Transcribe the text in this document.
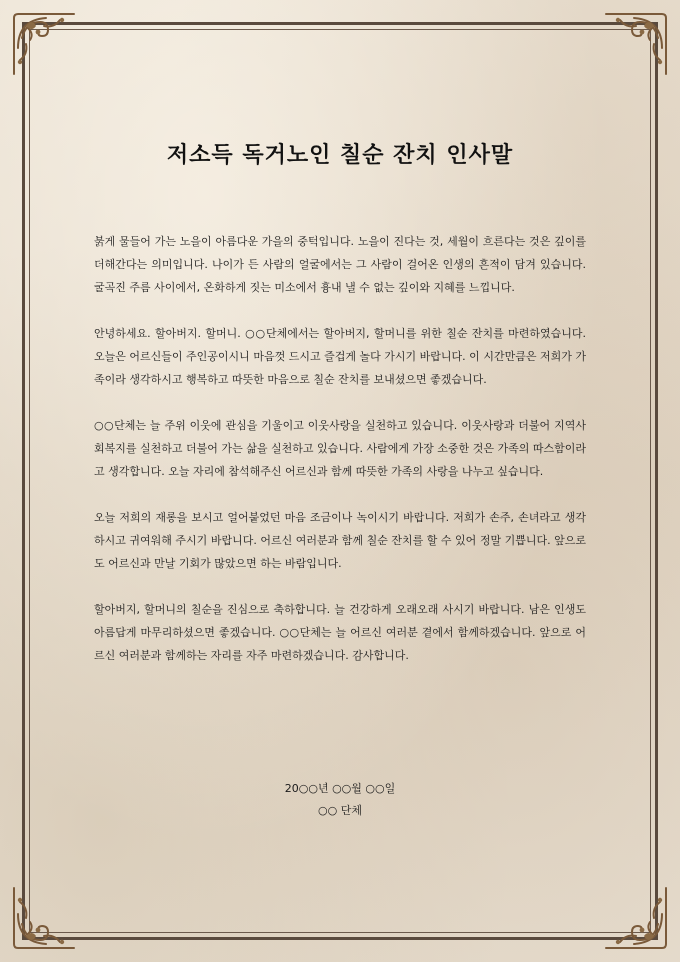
저소득 독거노인 칠순 잔치 인사말

붉게 물들어 가는 노을이 아름다운 가을의 중턱입니다. 노을이 진다는 것, 세월이 흐른다는 것은 깊이를 더해간다는 의미입니다. 나이가 든 사람의 얼굴에서는 그 사람이 걸어온 인생의 흔적이 담겨 있습니다. 굴곡진 주름 사이에서, 온화하게 짓는 미소에서 흉내 낼 수 없는 깊이와 지혜를 느낍니다.

안녕하세요. 할아버지. 할머니. ○○단체에서는 할아버지, 할머니를 위한 칠순 잔치를 마련하였습니다. 오늘은 어르신들이 주인공이시니 마음껏 드시고 즐겁게 놀다 가시기 바랍니다. 이 시간만큼은 저희가 가족이라 생각하시고 행복하고 따뜻한 마음으로 칠순 잔치를 보내셨으면 좋겠습니다.

○○단체는 늘 주위 이웃에 관심을 기울이고 이웃사랑을 실천하고 있습니다. 이웃사랑과 더불어 지역사회복지를 실천하고 더불어 가는 삶을 실천하고 있습니다. 사람에게 가장 소중한 것은 가족의 따스함이라고 생각합니다. 오늘 자리에 참석해주신 어르신과 함께 따뜻한 가족의 사랑을 나누고 싶습니다.

오늘 저희의 재롱을 보시고 얼어붙었던 마음 조금이나 녹이시기 바랍니다. 저희가 손주, 손녀라고 생각하시고 귀여워해 주시기 바랍니다. 어르신 여러분과 함께 칠순 잔치를 할 수 있어 정말 기쁩니다. 앞으로도 어르신과 만날 기회가 많았으면 하는 바람입니다.

할아버지, 할머니의 칠순을 진심으로 축하합니다. 늘 건강하게 오래오래 사시기 바랍니다. 남은 인생도 아름답게 마무리하셨으면 좋겠습니다. ○○단체는 늘 어르신 여러분 곁에서 함께하겠습니다. 앞으로 어르신 여러분과 함께하는 자리를 자주 마련하겠습니다. 감사합니다.

20○○년 ○○월 ○○일
○○ 단체
